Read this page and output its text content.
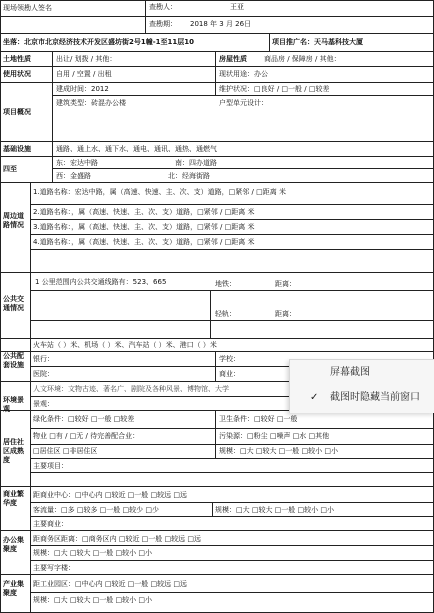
现场领勘人签名	查勘人：	王亚
查勘期： 2018 年 3 月 26日
坐落：北京市北京经济技术开发区盛坊街2号1幢-1至11层10	项目推广名：天马基科技大厦
土地性质	出让/ 划拨 / 其他：	房屋性质 商品房 / 保障房 / 其他：
使用状况	自用 / 空置 / 出租	现状用途：办公
项目概况
建成时间：2012	维护状况：□良好 / □一般 / □较差
建筑类型：砖混办公楼	户型单元设计：
基础设施	通路、通上水、通下水、通电、通讯、通热、通燃气
四至
东：宏达中路	南：四办道路
西：金盛路	北：经海街路
周边道路情况
1.道路名称：宏达中路，属（高速、快速、主、次、支）道路，□紧邻 / □距离 米
2.道路名称：，属（高速、快速、主、次、支）道路，□紧邻 / □距离 米
3.道路名称：，属（高速、快速、主、次、支）道路，□紧邻 / □距离 米
4.道路名称：，属（高速、快速、主、次、支）道路，□紧邻 / □距离 米
公共交通情况
1 公里范围内公共交通线路有：523、665	地铁：	距离：
轻轨：	距离：
火车站（ ）米、机场（ ）米、汽车站（ ）米、港口（ ）米
公共配套设施
银行：	学校：
医院：	商业：
环境景观
人文环境：文物古迹、著名广、剧院及各种风景、博物馆、大学
景观：
居住社区成熟度
绿化条件：□较好 □一般 □较差	卫生条件：□较好 □一般
物业 □有 / □无 / 待完善配合业：	污染源：□粉尘 □噪声 □水 □其他
□居住区 □非居住区	规模：□大 □较大 □一般 □较小 □小
主要项目：
商业繁华度
距商业中心：□中心内 □较近 □一般 □较远 □远
客流量：□多 □较多 □一般 □较少 □少	规模：□大 □较大 □一般 □较小 □小
主要商业：
办公集聚度
距商务区距离：□商务区内 □较近 □一般 □较远 □远
规模：□大 □较大 □一般 □较小 □小
主要写字楼：
产业集聚度
距工业园区：□中心内 □较近 □一般 □较远 □远
规模：□大 □较大 □一般 □较小 □小
屏幕截图
✓ 截图时隐藏当前窗口
